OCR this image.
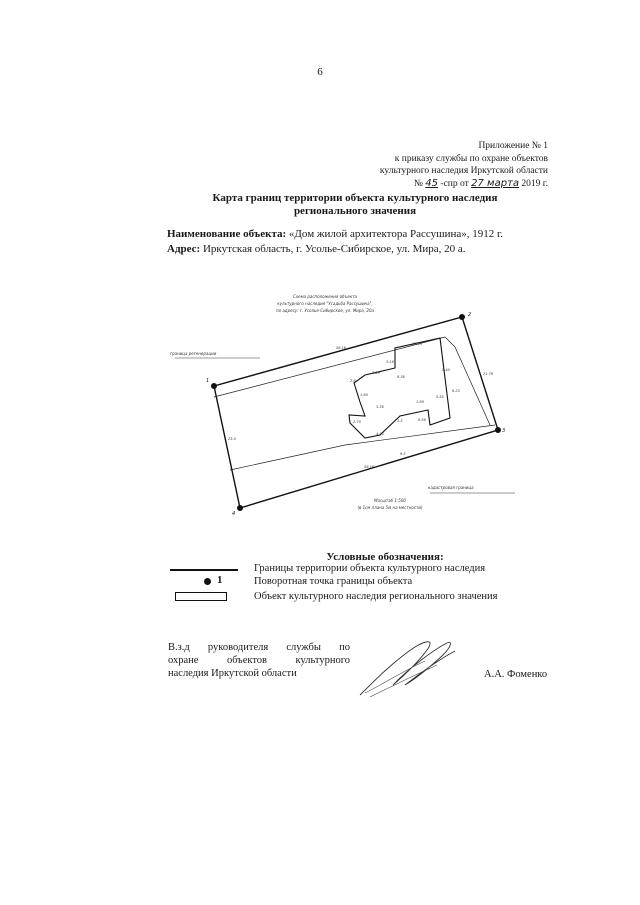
6
Приложение № 1
к приказу службы по охране объектов
культурного наследия Иркутской области
№ 45 -спр от 27 марта 2019 г.
Карта границ территории объекта культурного наследия
регионального значения
Наименование объекта: «Дом жилой архитектора Рассушина», 1912 г.
Адрес: Иркутская область, г. Усолье-Сибирское, ул. Мира, 20 а.
Схема расположения объекта
культурного наследия "Усадьба Рассушина",
по адресу: г. Усолье-Сибирское, ул. Мира, 20а
граница регенерации
кадастровая граница
1
2
3
4
58.16
17.75
23.0
21.79
58.16
2.8
2.29
3.16
8.36
9.40
5.55
6.23
1.89
3.36
1.60
2.70
4.45
1.5	6.56
9.5
Масштаб 1:500
(в 1см плана 5м на местности)
Условные обозначения:
Границы территории объекта культурного наследия
1	Поворотная точка границы объекта
Объект культурного наследия регионального значения
В.з.д руководителя службы по
охране	объектов	культурного
наследия Иркутской области	А.А. Фоменко
